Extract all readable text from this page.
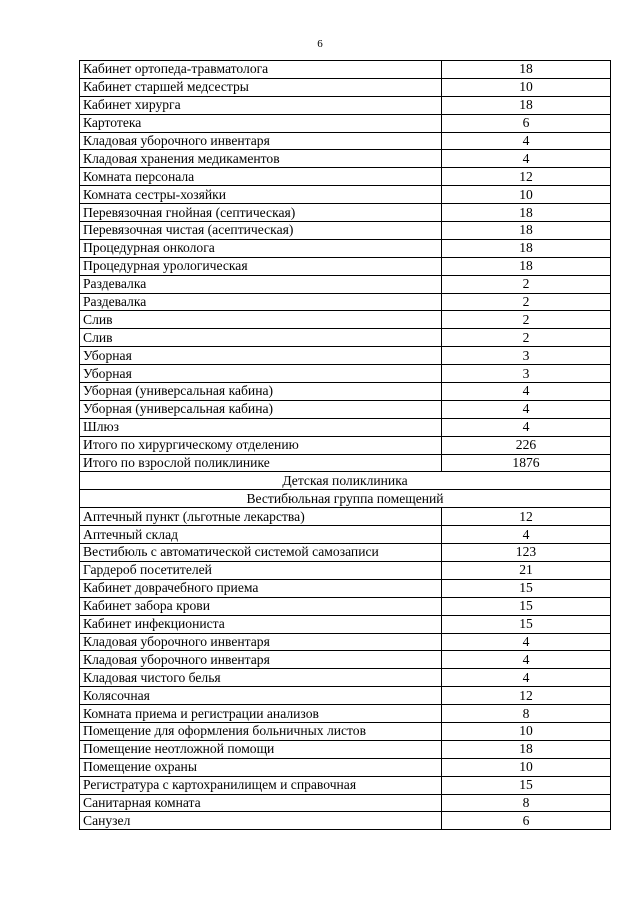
6
Кабинет ортопеда-травматолога	18
Кабинет старшей медсестры	10
Кабинет хирурга	18
Картотека	6
Кладовая уборочного инвентаря	4
Кладовая хранения медикаментов	4
Комната персонала	12
Комната сестры-хозяйки	10
Перевязочная гнойная (септическая)	18
Перевязочная чистая (асептическая)	18
Процедурная онколога	18
Процедурная урологическая	18
Раздевалка	2
Раздевалка	2
Слив	2
Слив	2
Уборная	3
Уборная	3
Уборная (универсальная кабина)	4
Уборная (универсальная кабина)	4
Шлюз	4
Итого по хирургическому отделению	226
Итого по взрослой поликлинике	1876
Детская поликлиника	
Вестибюльная группа помещений	
Аптечный пункт (льготные лекарства)	12
Аптечный склад	4
Вестибюль с автоматической системой самозаписи	123
Гардероб посетителей	21
Кабинет доврачебного приема	15
Кабинет забора крови	15
Кабинет инфекциониста	15
Кладовая уборочного инвентаря	4
Кладовая уборочного инвентаря	4
Кладовая чистого белья	4
Колясочная	12
Комната приема и регистрации анализов	8
Помещение для оформления больничных листов	10
Помещение неотложной помощи	18
Помещение охраны	10
Регистратура с картохранилищем и справочная	15
Санитарная комната	8
Санузел	6
